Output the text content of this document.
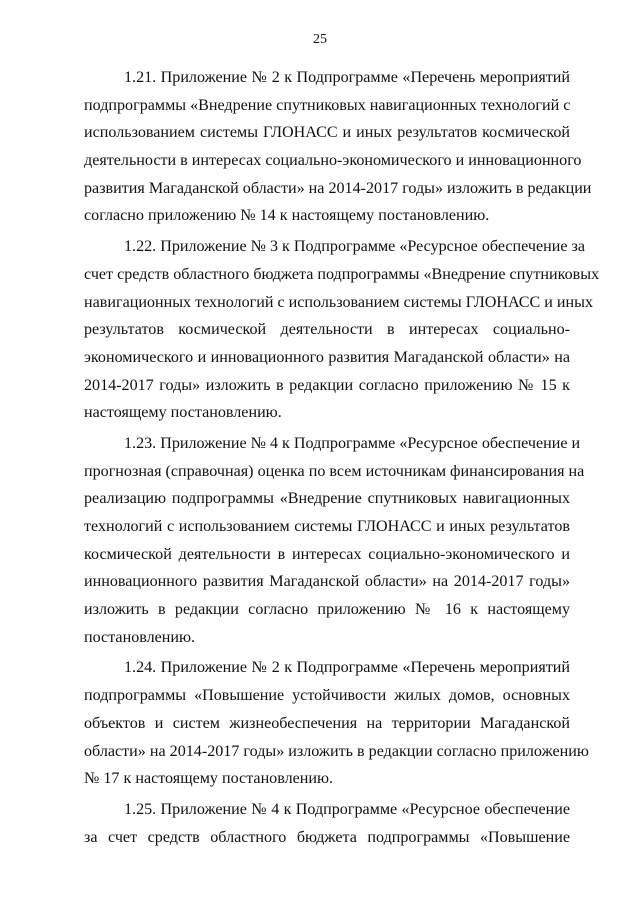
25
1.21. Приложение № 2 к Подпрограмме «Перечень мероприятий
подпрограммы «Внедрение спутниковых навигационных технологий с
использованием системы ГЛОНАСС и иных результатов космической
деятельности в интересах социально-экономического и инновационного
развития Магаданской области» на 2014-2017 годы» изложить в редакции
согласно приложению № 14 к настоящему постановлению.
1.22. Приложение № 3 к Подпрограмме «Ресурсное обеспечение за
счет средств областного бюджета подпрограммы «Внедрение спутниковых
навигационных технологий с использованием системы ГЛОНАСС и иных
результатов космической деятельности в интересах социально-
экономического и инновационного развития Магаданской области» на
2014-2017 годы» изложить в редакции согласно приложению № 15 к
настоящему постановлению.
1.23. Приложение № 4 к Подпрограмме «Ресурсное обеспечение и
прогнозная (справочная) оценка по всем источникам финансирования на
реализацию подпрограммы «Внедрение спутниковых навигационных
технологий с использованием системы ГЛОНАСС и иных результатов
космической деятельности в интересах социально-экономического и
инновационного развития Магаданской области» на 2014-2017 годы»
изложить в редакции согласно приложению № 16 к настоящему
постановлению.
1.24. Приложение № 2 к Подпрограмме «Перечень мероприятий
подпрограммы «Повышение устойчивости жилых домов, основных
объектов и систем жизнеобеспечения на территории Магаданской
области» на 2014-2017 годы» изложить в редакции согласно приложению
№ 17 к настоящему постановлению.
1.25. Приложение № 4 к Подпрограмме «Ресурсное обеспечение
за счет средств областного бюджета подпрограммы «Повышение
